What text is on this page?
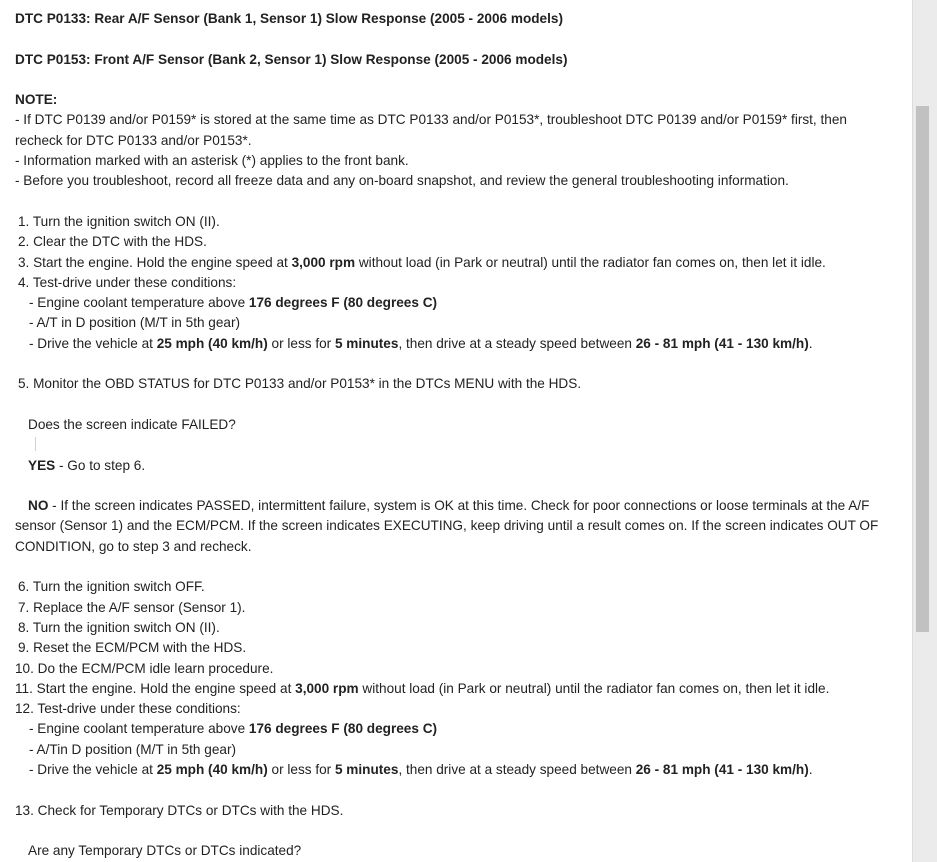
DTC P0133: Rear A/F Sensor (Bank 1, Sensor 1) Slow Response (2005 - 2006 models)
DTC P0153: Front A/F Sensor (Bank 2, Sensor 1) Slow Response (2005 - 2006 models)
NOTE:
- If DTC P0139 and/or P0159* is stored at the same time as DTC P0133 and/or P0153*, troubleshoot DTC P0139 and/or P0159* first, then recheck for DTC P0133 and/or P0153*.
- Information marked with an asterisk (*) applies to the front bank.
- Before you troubleshoot, record all freeze data and any on-board snapshot, and review the general troubleshooting information.
1. Turn the ignition switch ON (II).
2. Clear the DTC with the HDS.
3. Start the engine. Hold the engine speed at 3,000 rpm without load (in Park or neutral) until the radiator fan comes on, then let it idle.
4. Test-drive under these conditions:
- Engine coolant temperature above 176 degrees F (80 degrees C)
- A/T in D position (M/T in 5th gear)
- Drive the vehicle at 25 mph (40 km/h) or less for 5 minutes, then drive at a steady speed between 26 - 81 mph (41 - 130 km/h).
5. Monitor the OBD STATUS for DTC P0133 and/or P0153* in the DTCs MENU with the HDS.
Does the screen indicate FAILED?
YES - Go to step 6.
NO - If the screen indicates PASSED, intermittent failure, system is OK at this time. Check for poor connections or loose terminals at the A/F sensor (Sensor 1) and the ECM/PCM. If the screen indicates EXECUTING, keep driving until a result comes on. If the screen indicates OUT OF CONDITION, go to step 3 and recheck.
6. Turn the ignition switch OFF.
7. Replace the A/F sensor (Sensor 1).
8. Turn the ignition switch ON (II).
9. Reset the ECM/PCM with the HDS.
10. Do the ECM/PCM idle learn procedure.
11. Start the engine. Hold the engine speed at 3,000 rpm without load (in Park or neutral) until the radiator fan comes on, then let it idle.
12. Test-drive under these conditions:
- Engine coolant temperature above 176 degrees F (80 degrees C)
- A/Tin D position (M/T in 5th gear)
- Drive the vehicle at 25 mph (40 km/h) or less for 5 minutes, then drive at a steady speed between 26 - 81 mph (41 - 130 km/h).
13. Check for Temporary DTCs or DTCs with the HDS.
Are any Temporary DTCs or DTCs indicated?
